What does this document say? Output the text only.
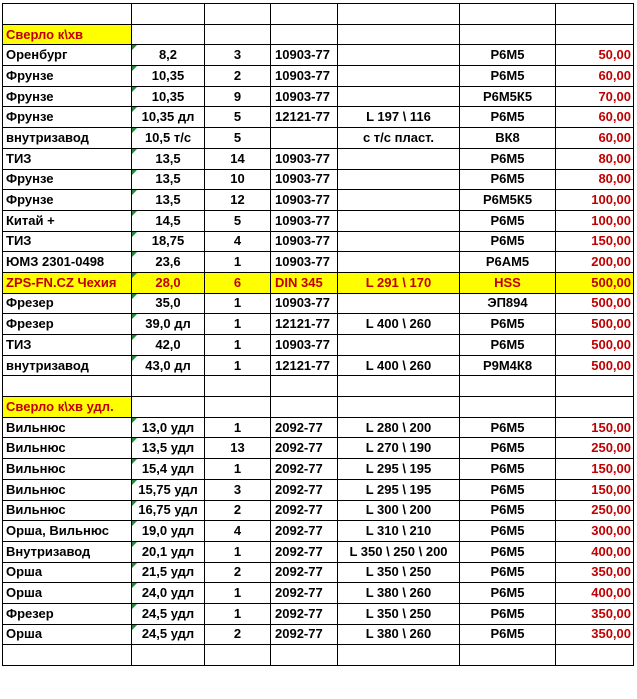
Сверло к\хв						
Оренбург	8,2	3	10903-77		Р6М5	50,00
Фрунзе	10,35	2	10903-77		Р6М5	60,00
Фрунзе	10,35	9	10903-77		Р6М5К5	70,00
Фрунзе	10,35 дл	5	12121-77	L 197 \ 116	Р6М5	60,00
внутризавод	10,5 т/с	5		с т/с пласт.	ВК8	60,00
ТИЗ	13,5	14	10903-77		Р6М5	80,00
Фрунзе	13,5	10	10903-77		Р6М5	80,00
Фрунзе	13,5	12	10903-77		Р6М5К5	100,00
Китай +	14,5	5	10903-77		Р6М5	100,00
ТИЗ	18,75	4	10903-77		Р6М5	150,00
ЮМЗ 2301-0498	23,6	1	10903-77		Р6АМ5	200,00
ZPS-FN.CZ Чехия	28,0	6	DIN 345	L 291 \ 170	HSS	500,00
Фрезер	35,0	1	10903-77		ЭП894	500,00
Фрезер	39,0 дл	1	12121-77	L 400 \ 260	Р6М5	500,00
ТИЗ	42,0	1	10903-77		Р6М5	500,00
внутризавод	43,0 дл	1	12121-77	L 400 \ 260	Р9М4К8	500,00

Сверло к\хв удл.						
Вильнюс	13,0 удл	1	2092-77	L 280 \ 200	Р6М5	150,00
Вильнюс	13,5 удл	13	2092-77	L 270 \ 190	Р6М5	250,00
Вильнюс	15,4 удл	1	2092-77	L 295 \ 195	Р6М5	150,00
Вильнюс	15,75 удл	3	2092-77	L 295 \ 195	Р6М5	150,00
Вильнюс	16,75 удл	2	2092-77	L 300 \ 200	Р6М5	250,00
Орша, Вильнюс	19,0 удл	4	2092-77	L 310 \ 210	Р6М5	300,00
Внутризавод	20,1 удл	1	2092-77	L 350 \ 250 \ 200	Р6М5	400,00
Орша	21,5 удл	2	2092-77	L 350 \ 250	Р6М5	350,00
Орша	24,0 удл	1	2092-77	L 380 \ 260	Р6М5	400,00
Фрезер	24,5 удл	1	2092-77	L 350 \ 250	Р6М5	350,00
Орша	24,5 удл	2	2092-77	L 380 \ 260	Р6М5	350,00
